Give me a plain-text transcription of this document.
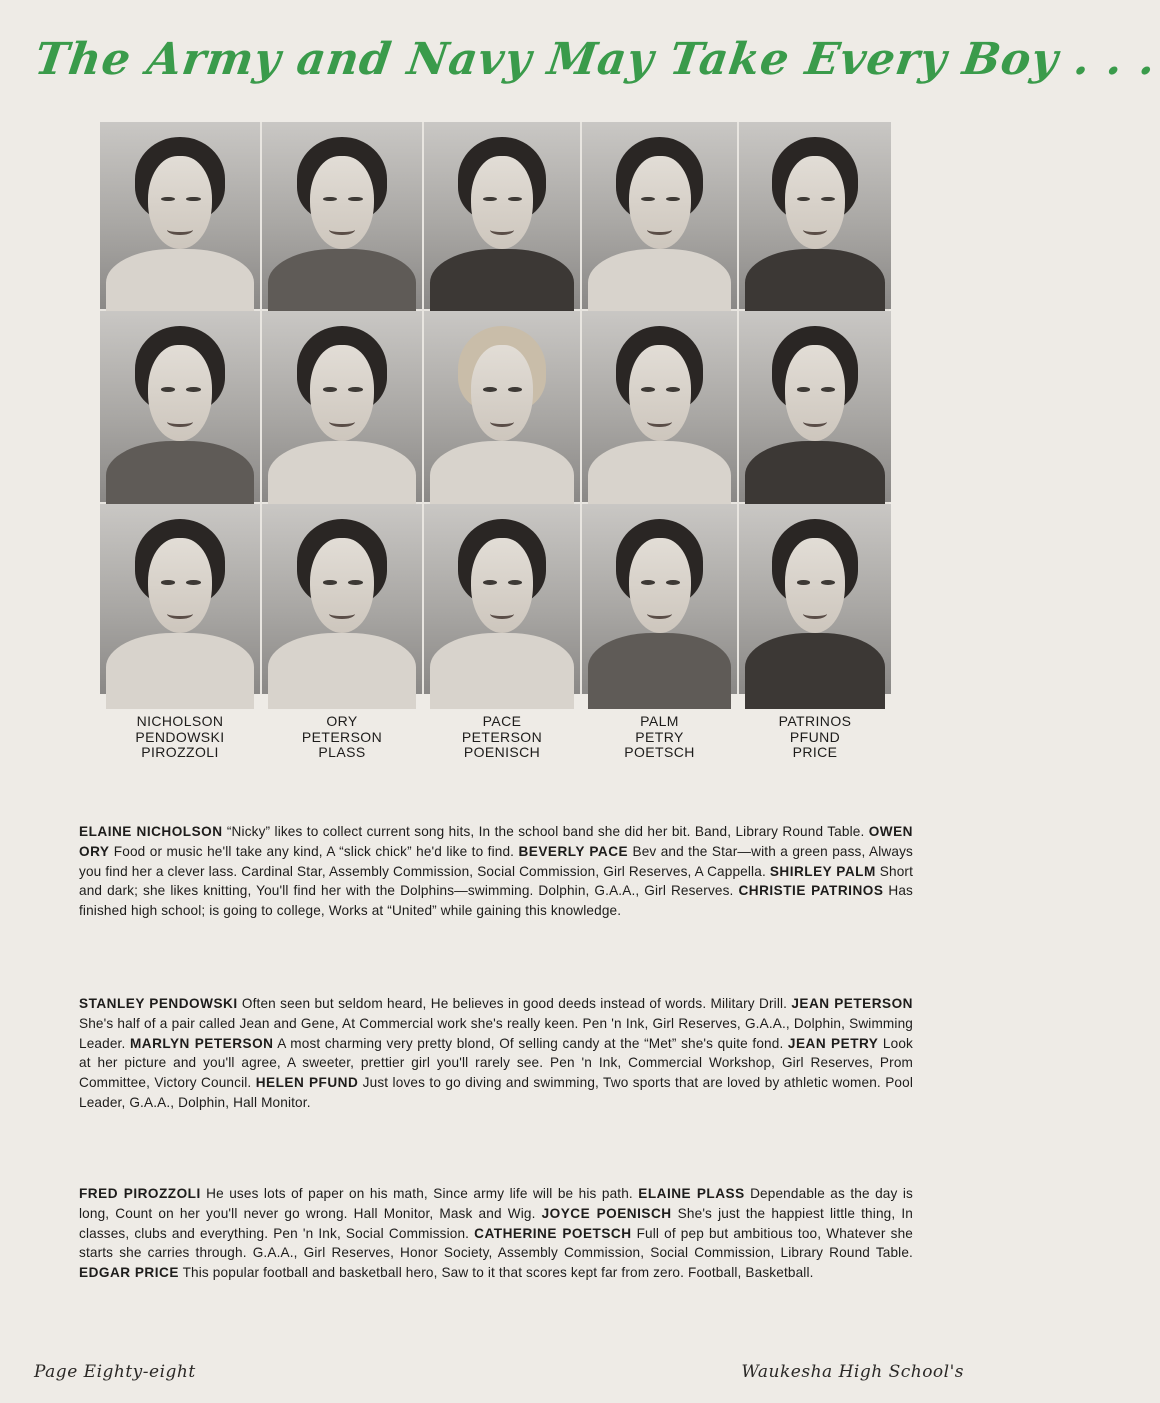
The Army and Navy May Take Every Boy . . .
NICHOLSON
PENDOWSKI
PIROZZOLI
ORY
PETERSON
PLASS
PACE
PETERSON
POENISCH
PALM
PETRY
POETSCH
PATRINOS
PFUND
PRICE
ELAINE NICHOLSON “Nicky” likes to collect current song hits, In the school band she did her bit. Band, Library Round Table. OWEN ORY Food or music he'll take any kind, A “slick chick” he'd like to find. BEVERLY PACE Bev and the Star—with a green pass, Always you find her a clever lass. Cardinal Star, Assembly Commission, Social Commission, Girl Reserves, A Cappella. SHIRLEY PALM Short and dark; she likes knitting, You'll find her with the Dolphins—swimming. Dolphin, G.A.A., Girl Reserves. CHRISTIE PATRINOS Has finished high school; is going to college, Works at “United” while gaining this knowledge.
STANLEY PENDOWSKI Often seen but seldom heard, He believes in good deeds instead of words. Military Drill. JEAN PETERSON She's half of a pair called Jean and Gene, At Commercial work she's really keen. Pen 'n Ink, Girl Reserves, G.A.A., Dolphin, Swimming Leader. MARLYN PETERSON A most charming very pretty blond, Of selling candy at the “Met” she's quite fond. JEAN PETRY Look at her picture and you'll agree, A sweeter, prettier girl you'll rarely see. Pen 'n Ink, Commercial Workshop, Girl Reserves, Prom Committee, Victory Council. HELEN PFUND Just loves to go diving and swimming, Two sports that are loved by athletic women. Pool Leader, G.A.A., Dolphin, Hall Monitor.
FRED PIROZZOLI He uses lots of paper on his math, Since army life will be his path. ELAINE PLASS Dependable as the day is long, Count on her you'll never go wrong. Hall Monitor, Mask and Wig. JOYCE POENISCH She's just the happiest little thing, In classes, clubs and everything. Pen 'n Ink, Social Commission. CATHERINE POETSCH Full of pep but ambitious too, Whatever she starts she carries through. G.A.A., Girl Reserves, Honor Society, Assembly Commission, Social Commission, Library Round Table. EDGAR PRICE This popular football and basketball hero, Saw to it that scores kept far from zero. Football, Basketball.
Page Eighty-eight	Waukesha High School's
